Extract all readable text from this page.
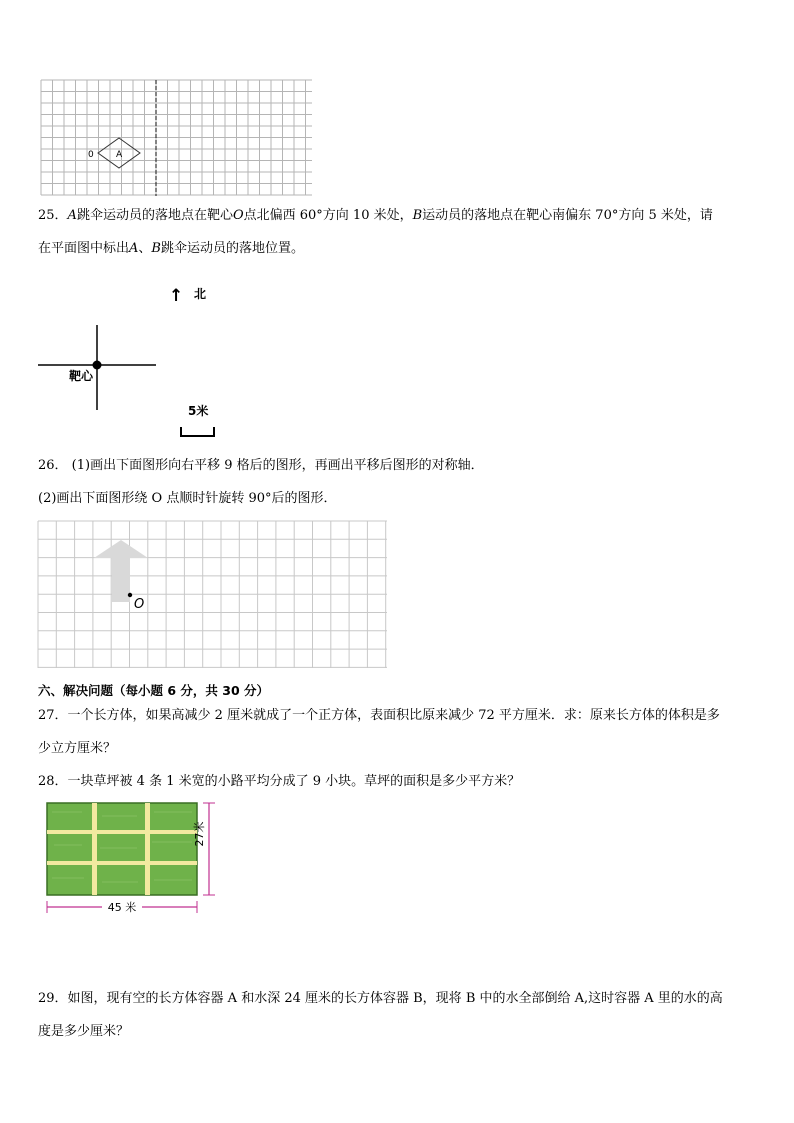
0 A
25．A跳伞运动员的落地点在靶心O点北偏西 60°方向 10 米处，B运动员的落地点在靶心南偏东 70°方向 5 米处，请
在平面图中标出A、B跳伞运动员的落地位置。
↑ 北
靶心
5米
26． (1)画出下面图形向右平移 9 格后的图形，再画出平移后图形的对称轴．
(2)画出下面图形绕 O 点顺时针旋转 90°后的图形．
O
六、解决问题（每小题 6 分，共 30 分）
27．一个长方体，如果高减少 2 厘米就成了一个正方体，表面积比原来减少 72 平方厘米．求：原来长方体的体积是多
少立方厘米？
28．一块草坪被 4 条 1 米宽的小路平均分成了 9 小块。草坪的面积是多少平方米？
27米
45 米
29．如图，现有空的长方体容器 A 和水深 24 厘米的长方体容器 B，现将 B 中的水全部倒给 A,这时容器 A 里的水的高
度是多少厘米？
